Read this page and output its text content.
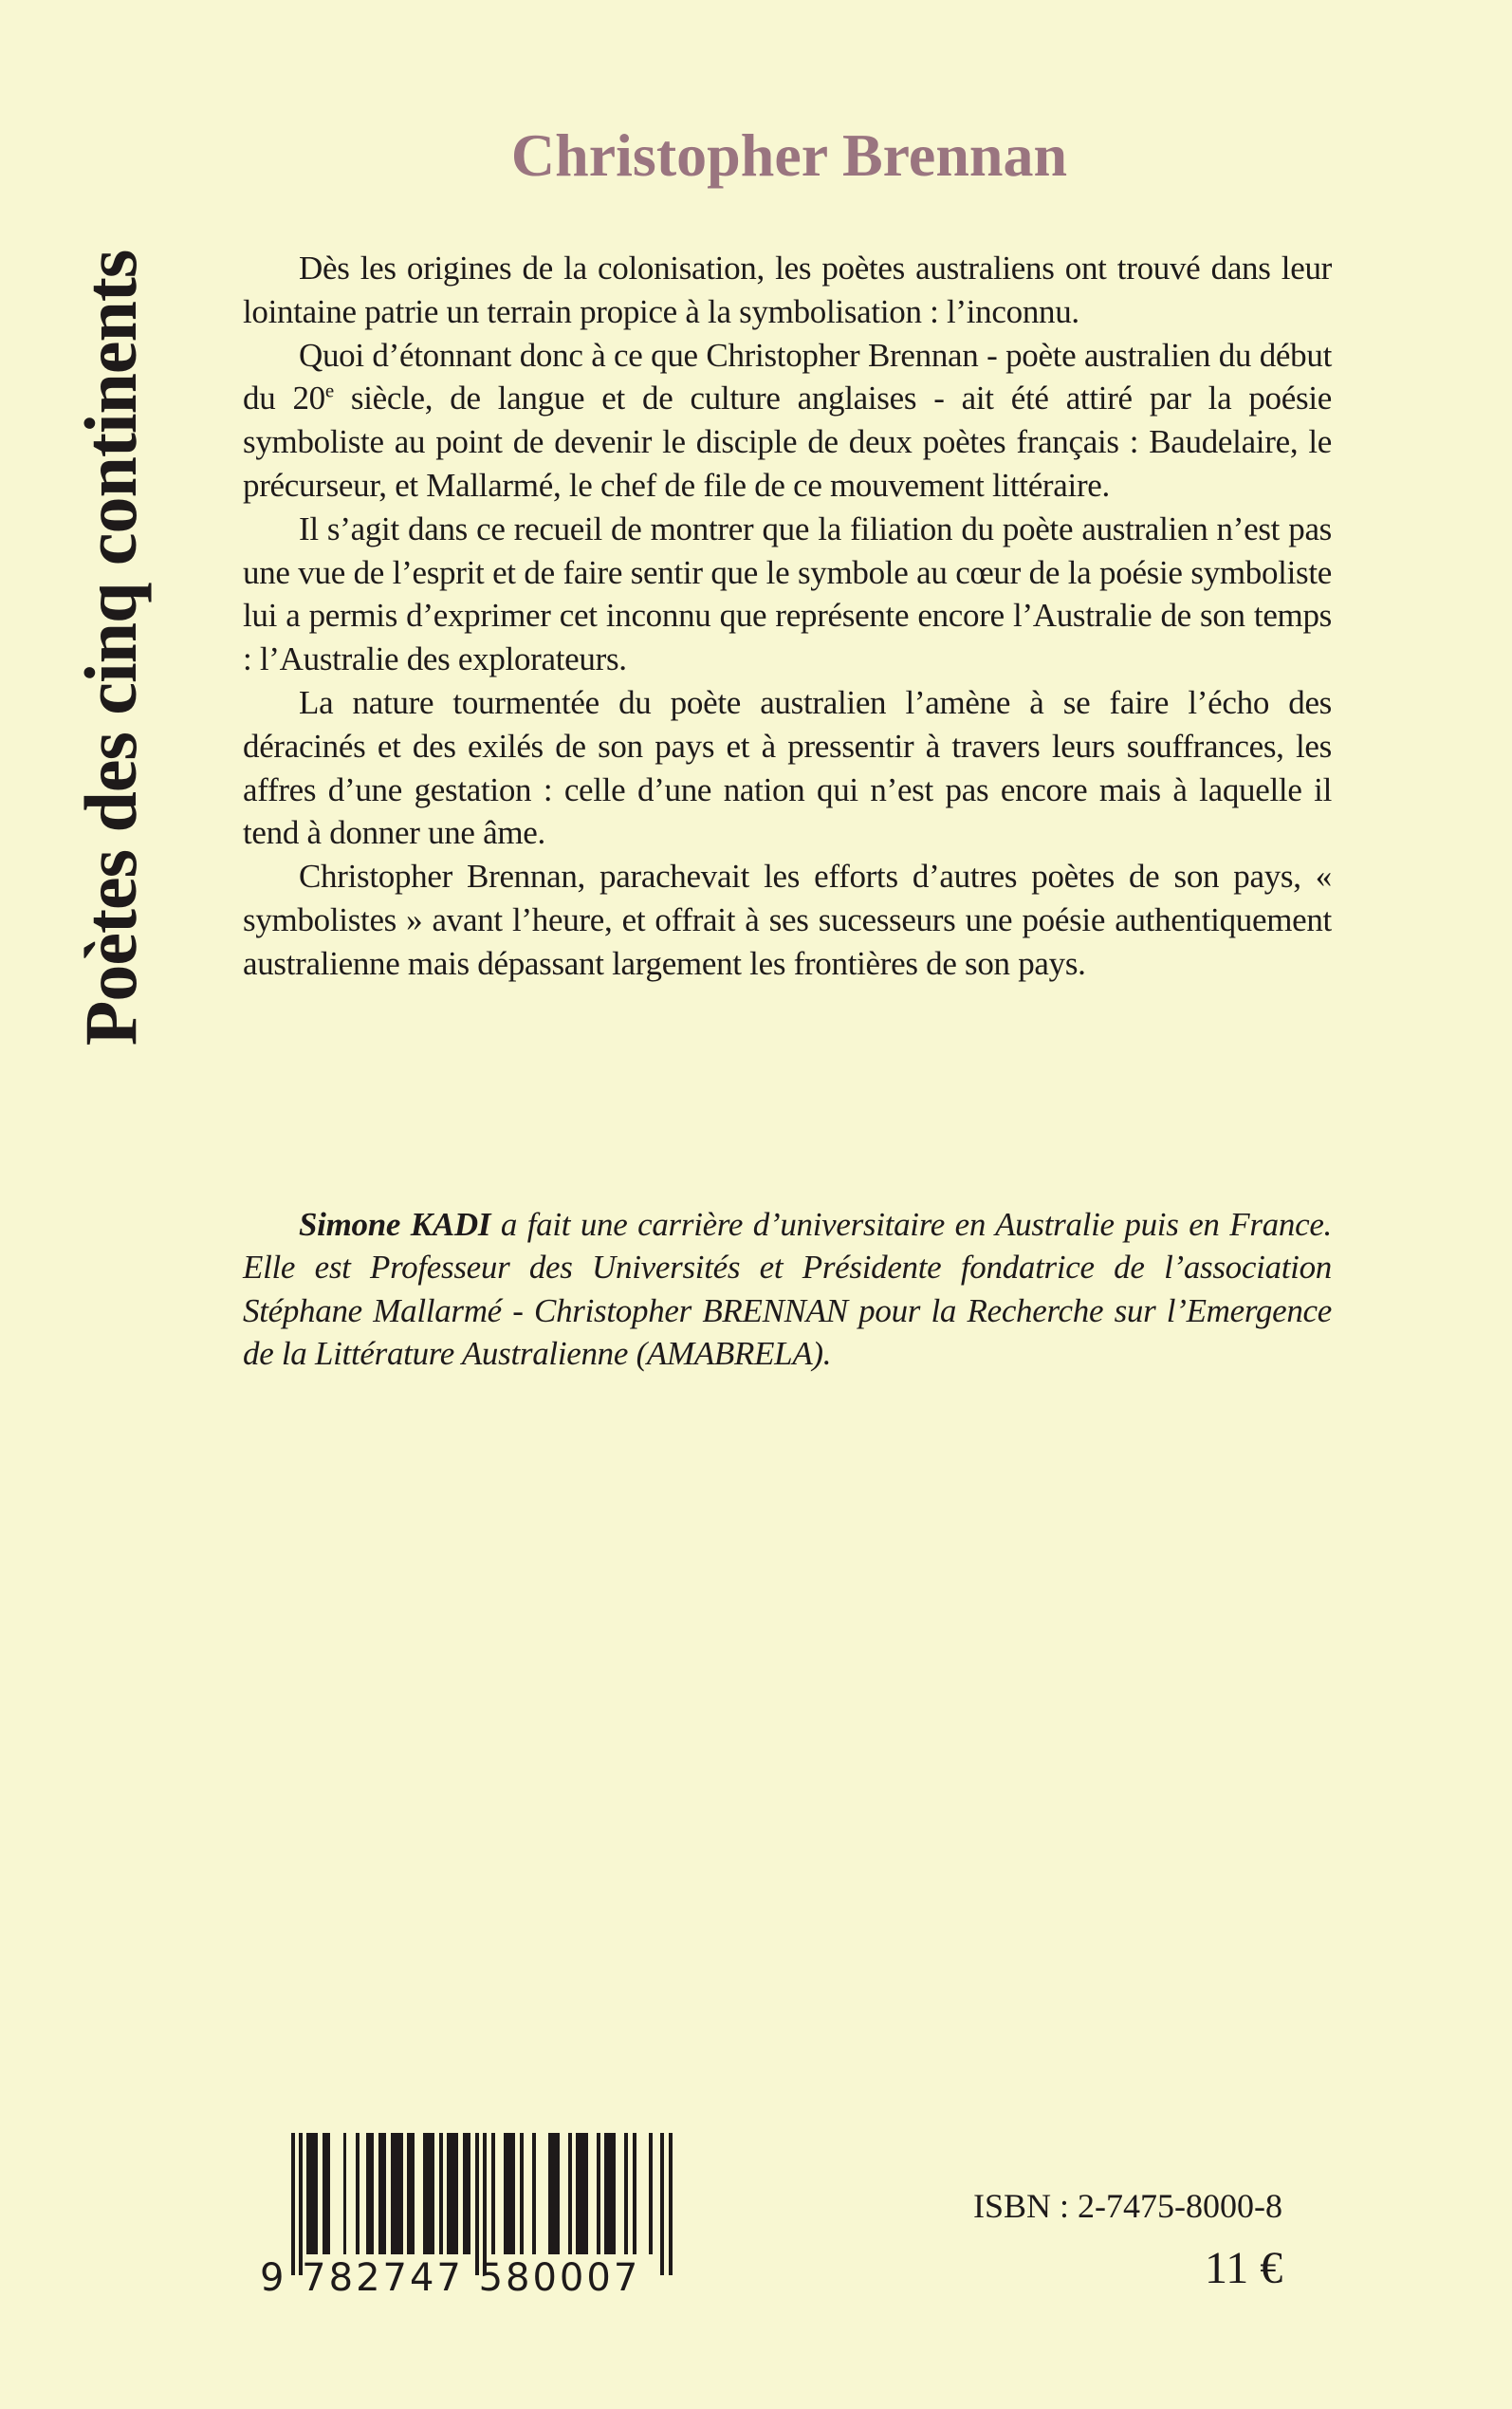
Poètes des cinq continents
Christopher Brennan

Dès les origines de la colonisation, les poètes australiens ont trouvé dans leur lointaine patrie un terrain propice à la symbolisation : l’inconnu.

Quoi d’étonnant donc à ce que Christopher Brennan - poète australien du début du 20e siècle, de langue et de culture anglaises - ait été attiré par la poésie symboliste au point de devenir le disciple de deux poètes français : Baudelaire, le précurseur, et Mallarmé, le chef de file de ce mouvement littéraire.

Il s’agit dans ce recueil de montrer que la filiation du poète australien n’est pas une vue de l’esprit et de faire sentir que le symbole au cœur de la poésie symboliste lui a permis d’exprimer cet inconnu que représente encore l’Australie de son temps : l’Australie des explorateurs.

La nature tourmentée du poète australien l’amène à se faire l’écho des déracinés et des exilés de son pays et à pressentir à travers leurs souffrances, les affres d’une gestation : celle d’une nation qui n’est pas encore mais à laquelle il tend à donner une âme.

Christopher Brennan, parachevait les efforts d’autres poètes de son pays, « symbolistes » avant l’heure, et offrait à ses sucesseurs une poésie authentiquement australienne mais dépassant largement les frontières de son pays.

Simone KADI a fait une carrière d’universitaire en Australie puis en France. Elle est Professeur des Universités et Présidente fondatrice de l’association Stéphane Mallarmé - Christopher BRENNAN pour la Recherche sur l’Emergence de la Littérature Australienne (AMABRELA).

9 782747 580007
ISBN : 2-7475-8000-8
11 €
